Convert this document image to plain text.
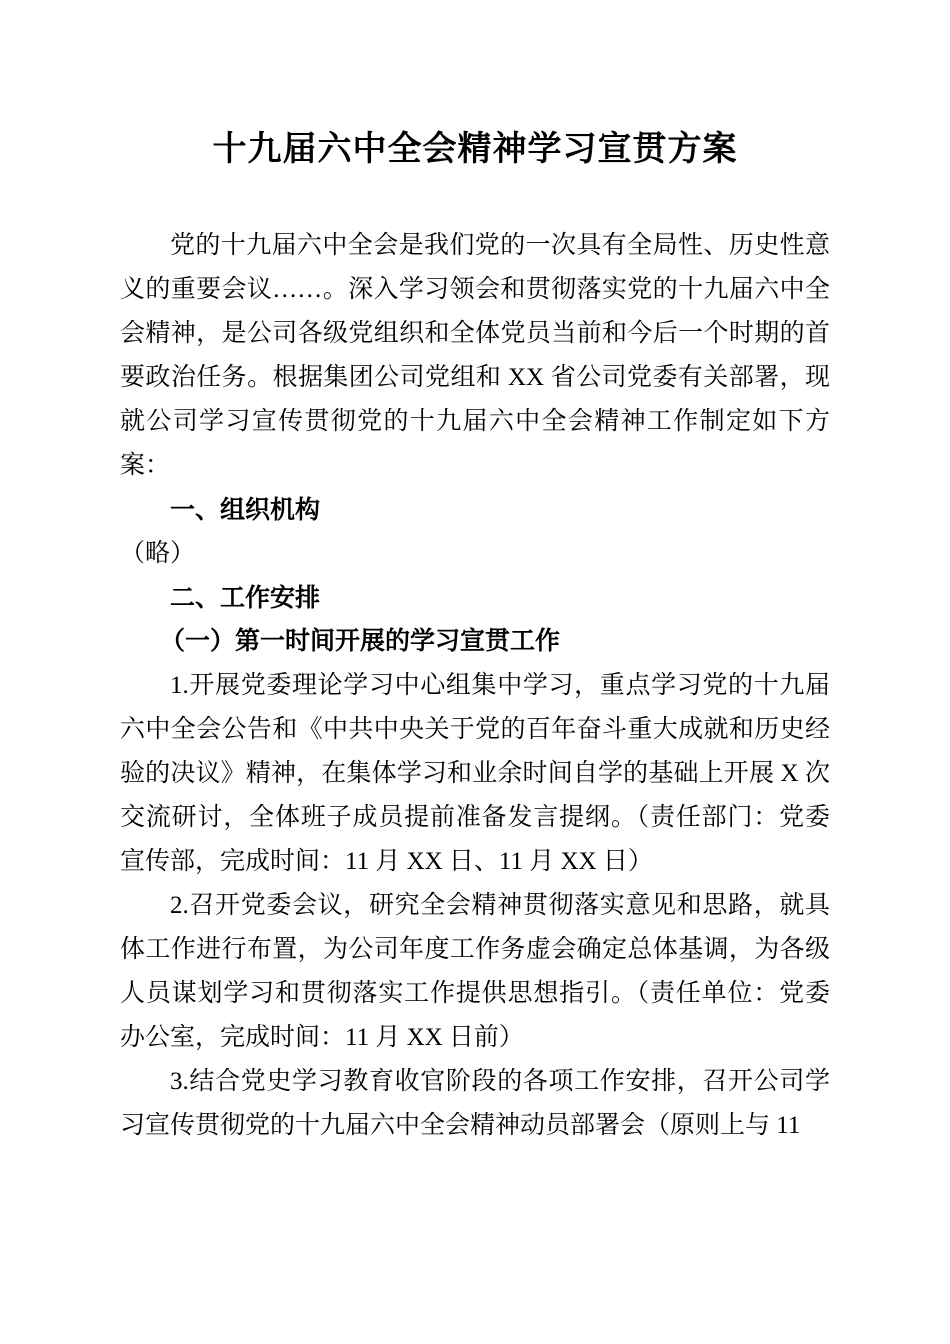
十九届六中全会精神学习宣贯方案

党的十九届六中全会是我们党的一次具有全局性、历史性意义的重要会议……。深入学习领会和贯彻落实党的十九届六中全会精神，是公司各级党组织和全体党员当前和今后一个时期的首要政治任务。根据集团公司党组和 XX 省公司党委有关部署，现就公司学习宣传贯彻党的十九届六中全会精神工作制定如下方案：

一、组织机构

（略）

二、工作安排

（一）第一时间开展的学习宣贯工作

1.开展党委理论学习中心组集中学习，重点学习党的十九届六中全会公告和《中共中央关于党的百年奋斗重大成就和历史经验的决议》精神，在集体学习和业余时间自学的基础上开展 X 次交流研讨，全体班子成员提前准备发言提纲。（责任部门：党委宣传部，完成时间：11 月 XX 日、11 月 XX 日）

2.召开党委会议，研究全会精神贯彻落实意见和思路，就具体工作进行布置，为公司年度工作务虚会确定总体基调，为各级人员谋划学习和贯彻落实工作提供思想指引。（责任单位：党委办公室，完成时间：11 月 XX 日前）

3.结合党史学习教育收官阶段的各项工作安排，召开公司学习宣传贯彻党的十九届六中全会精神动员部署会（原则上与 11
